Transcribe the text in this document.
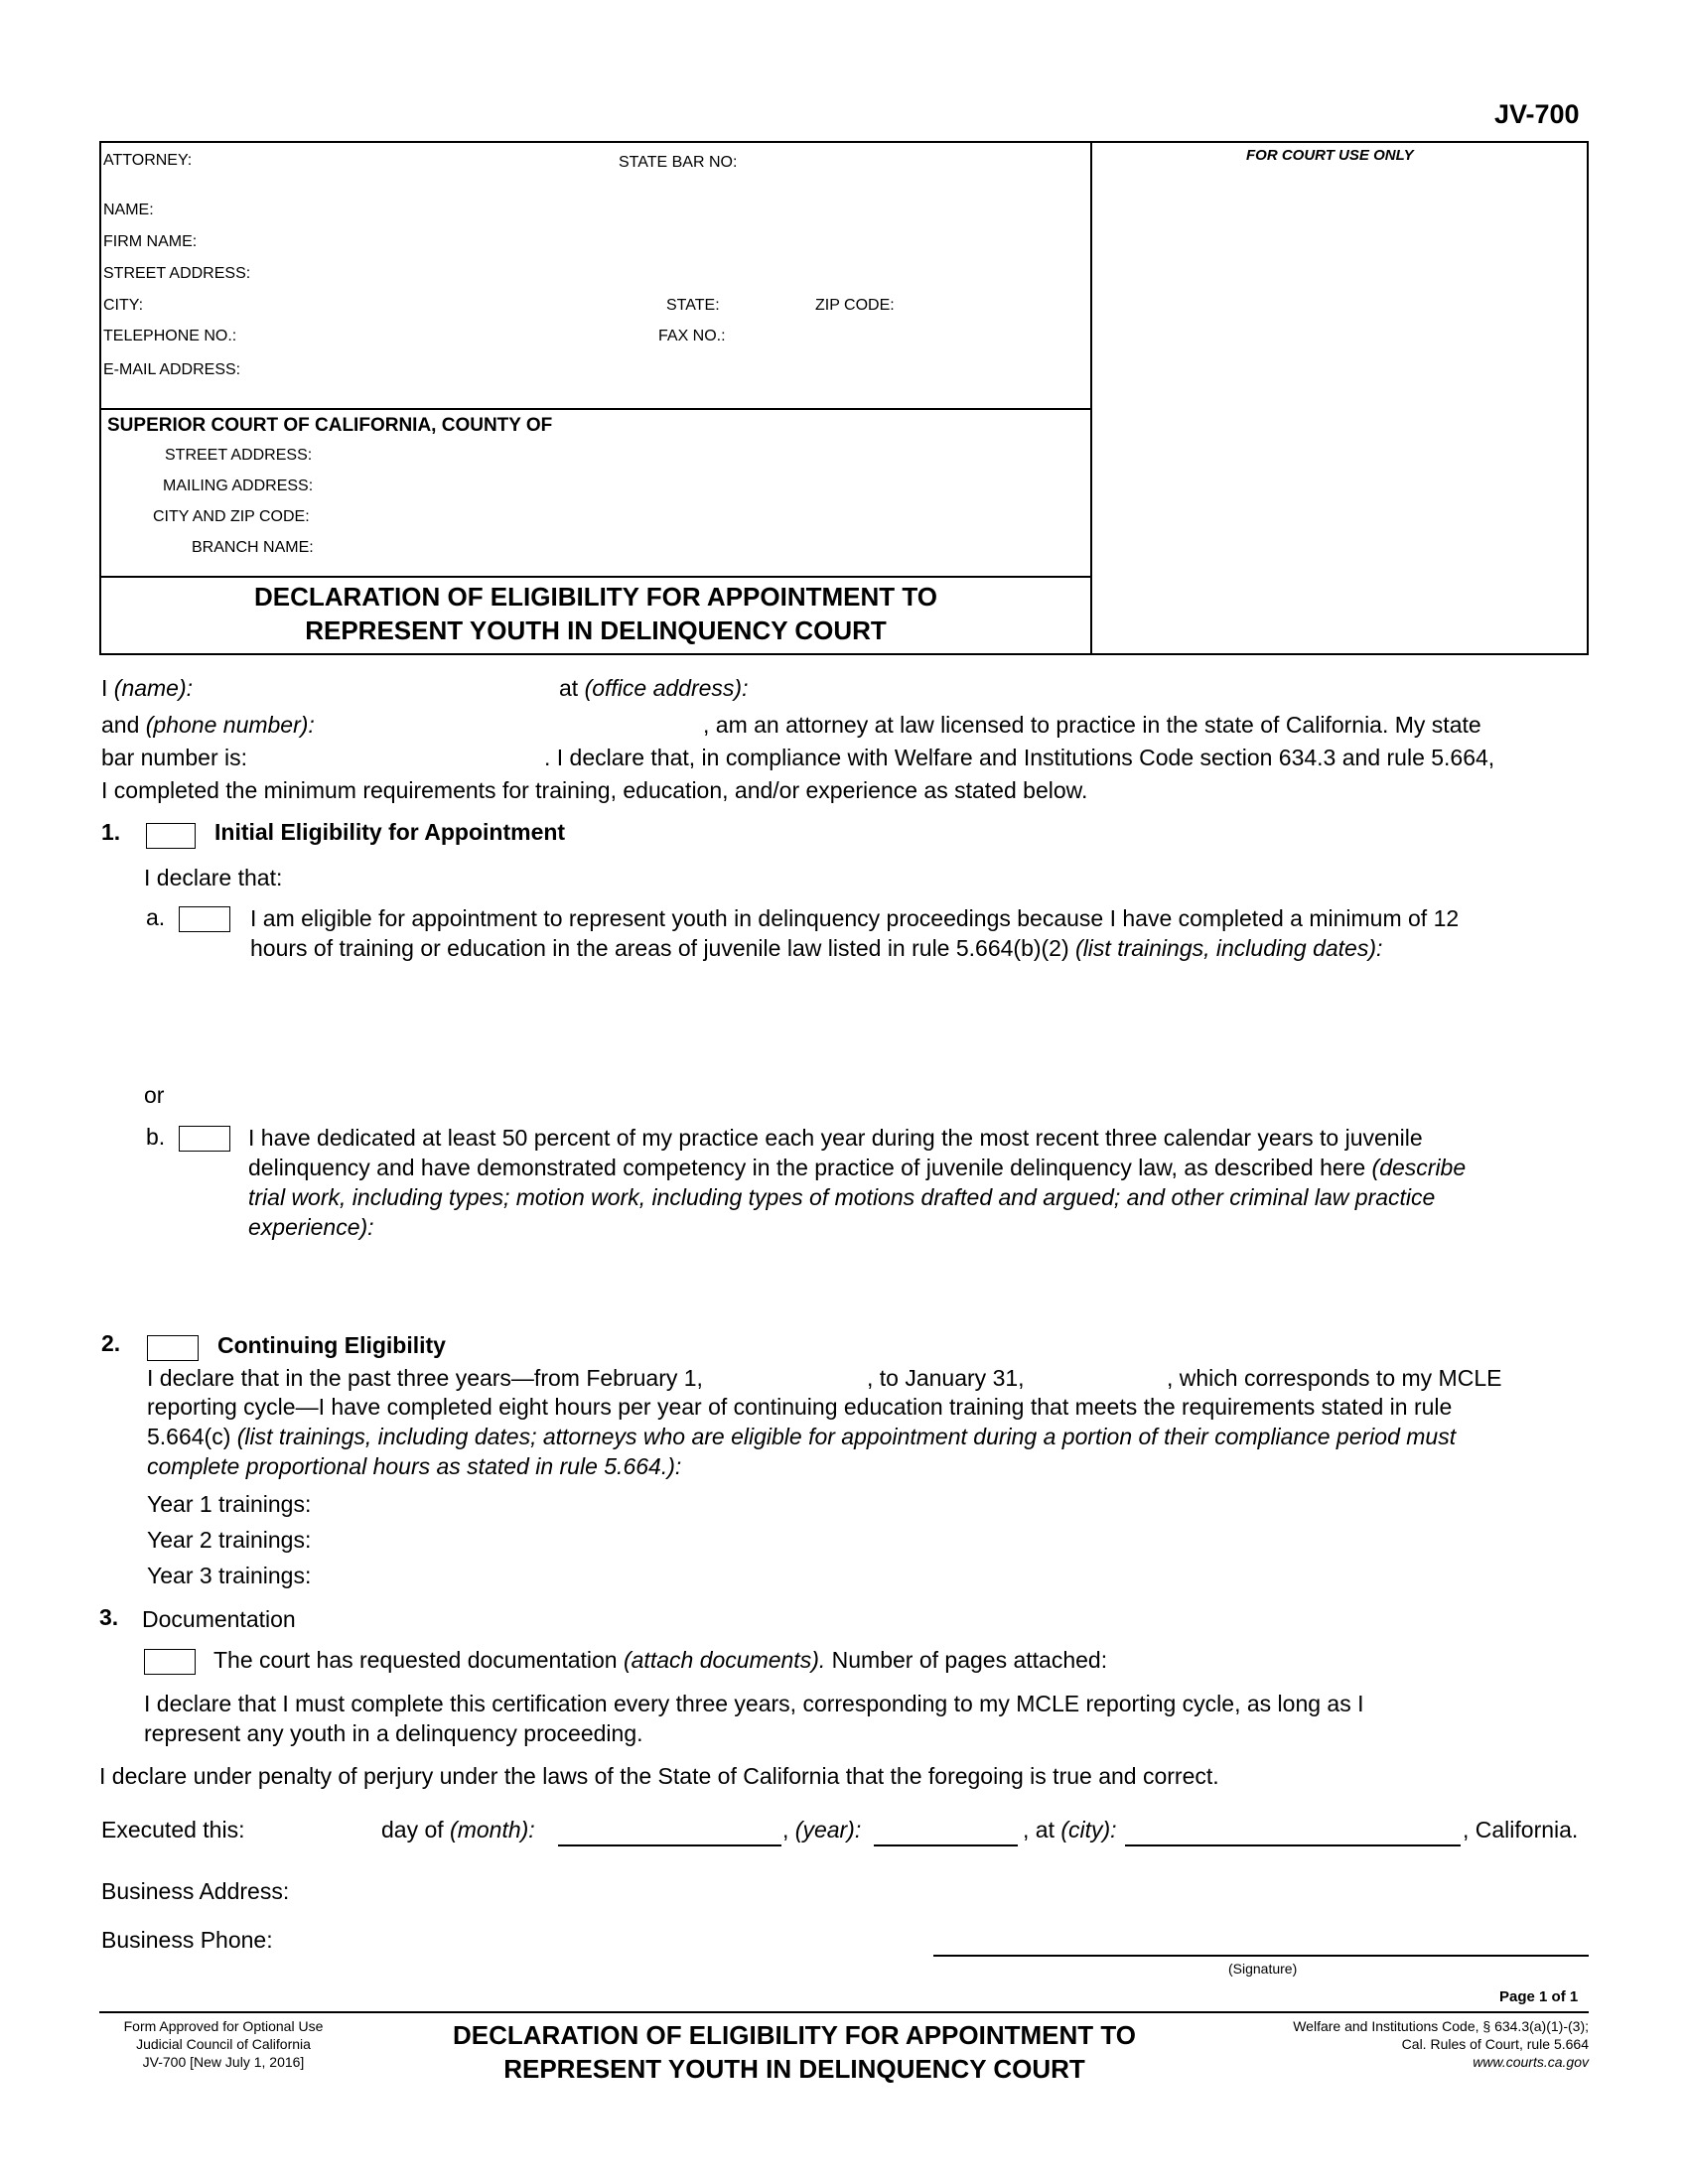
JV-700
ATTORNEY:	STATE BAR NO:
NAME:
FIRM NAME:
STREET ADDRESS:
CITY:	STATE:	ZIP CODE:
TELEPHONE NO.:	FAX NO.:
E-MAIL ADDRESS:
FOR COURT USE ONLY
SUPERIOR COURT OF CALIFORNIA, COUNTY OF
STREET ADDRESS:
MAILING ADDRESS:
CITY AND ZIP CODE:
BRANCH NAME:
DECLARATION OF ELIGIBILITY FOR APPOINTMENT TO
REPRESENT YOUTH IN DELINQUENCY COURT
I (name):	at (office address):
and (phone number):	, am an attorney at law licensed to practice in the state of California. My state
bar number is:	. I declare that, in compliance with Welfare and Institutions Code section 634.3 and rule 5.664,
I completed the minimum requirements for training, education, and/or experience as stated below.
1.	Initial Eligibility for Appointment
I declare that:
a.	I am eligible for appointment to represent youth in delinquency proceedings because I have completed a minimum of 12
hours of training or education in the areas of juvenile law listed in rule 5.664(b)(2) (list trainings, including dates):
or
b.	I have dedicated at least 50 percent of my practice each year during the most recent three calendar years to juvenile
delinquency and have demonstrated competency in the practice of juvenile delinquency law, as described here (describe
trial work, including types; motion work, including types of motions drafted and argued; and other criminal law practice
experience):
2.	Continuing Eligibility
I declare that in the past three years—from February 1,	, to January 31,	, which corresponds to my MCLE
reporting cycle—I have completed eight hours per year of continuing education training that meets the requirements stated in rule
5.664(c) (list trainings, including dates; attorneys who are eligible for appointment during a portion of their compliance period must
complete proportional hours as stated in rule 5.664.):
Year 1 trainings:
Year 2 trainings:
Year 3 trainings:
3. Documentation
The court has requested documentation (attach documents). Number of pages attached:
I declare that I must complete this certification every three years, corresponding to my MCLE reporting cycle, as long as I
represent any youth in a delinquency proceeding.
I declare under penalty of perjury under the laws of the State of California that the foregoing is true and correct.
Executed this:	day of (month):	, (year):	, at (city):	, California.
Business Address:
Business Phone:
(Signature)
Page 1 of 1
Form Approved for Optional Use
Judicial Council of California
JV-700 [New July 1, 2016]
DECLARATION OF ELIGIBILITY FOR APPOINTMENT TO
REPRESENT YOUTH IN DELINQUENCY COURT
Welfare and Institutions Code, § 634.3(a)(1)-(3);
Cal. Rules of Court, rule 5.664
www.courts.ca.gov
